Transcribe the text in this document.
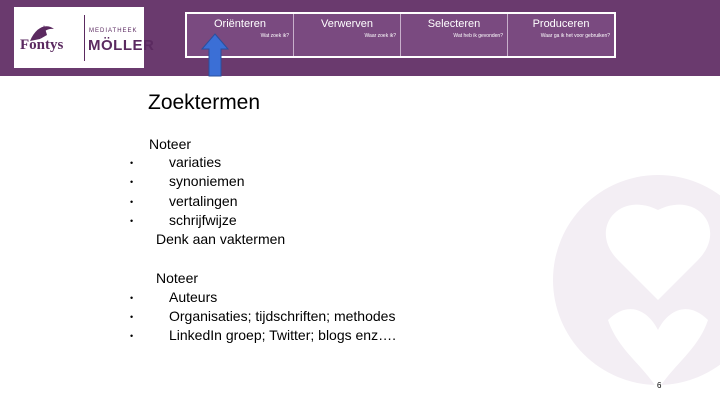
Fontys
MEDIATHEEK
MÖLLER
Oriënteren
Wat zoek ik?
Verwerven
Waar zoek ik?
Selecteren
Wat heb ik gevonden?
Produceren
Waar ga ik het voor gebruiken?
Zoektermen
Noteer
•	variaties
•	synoniemen
•	vertalingen
•	schrijfwijze
Denk aan vaktermen
Noteer
•	Auteurs
•	Organisaties; tijdschriften; methodes
•	LinkedIn groep; Twitter; blogs enz….
6
